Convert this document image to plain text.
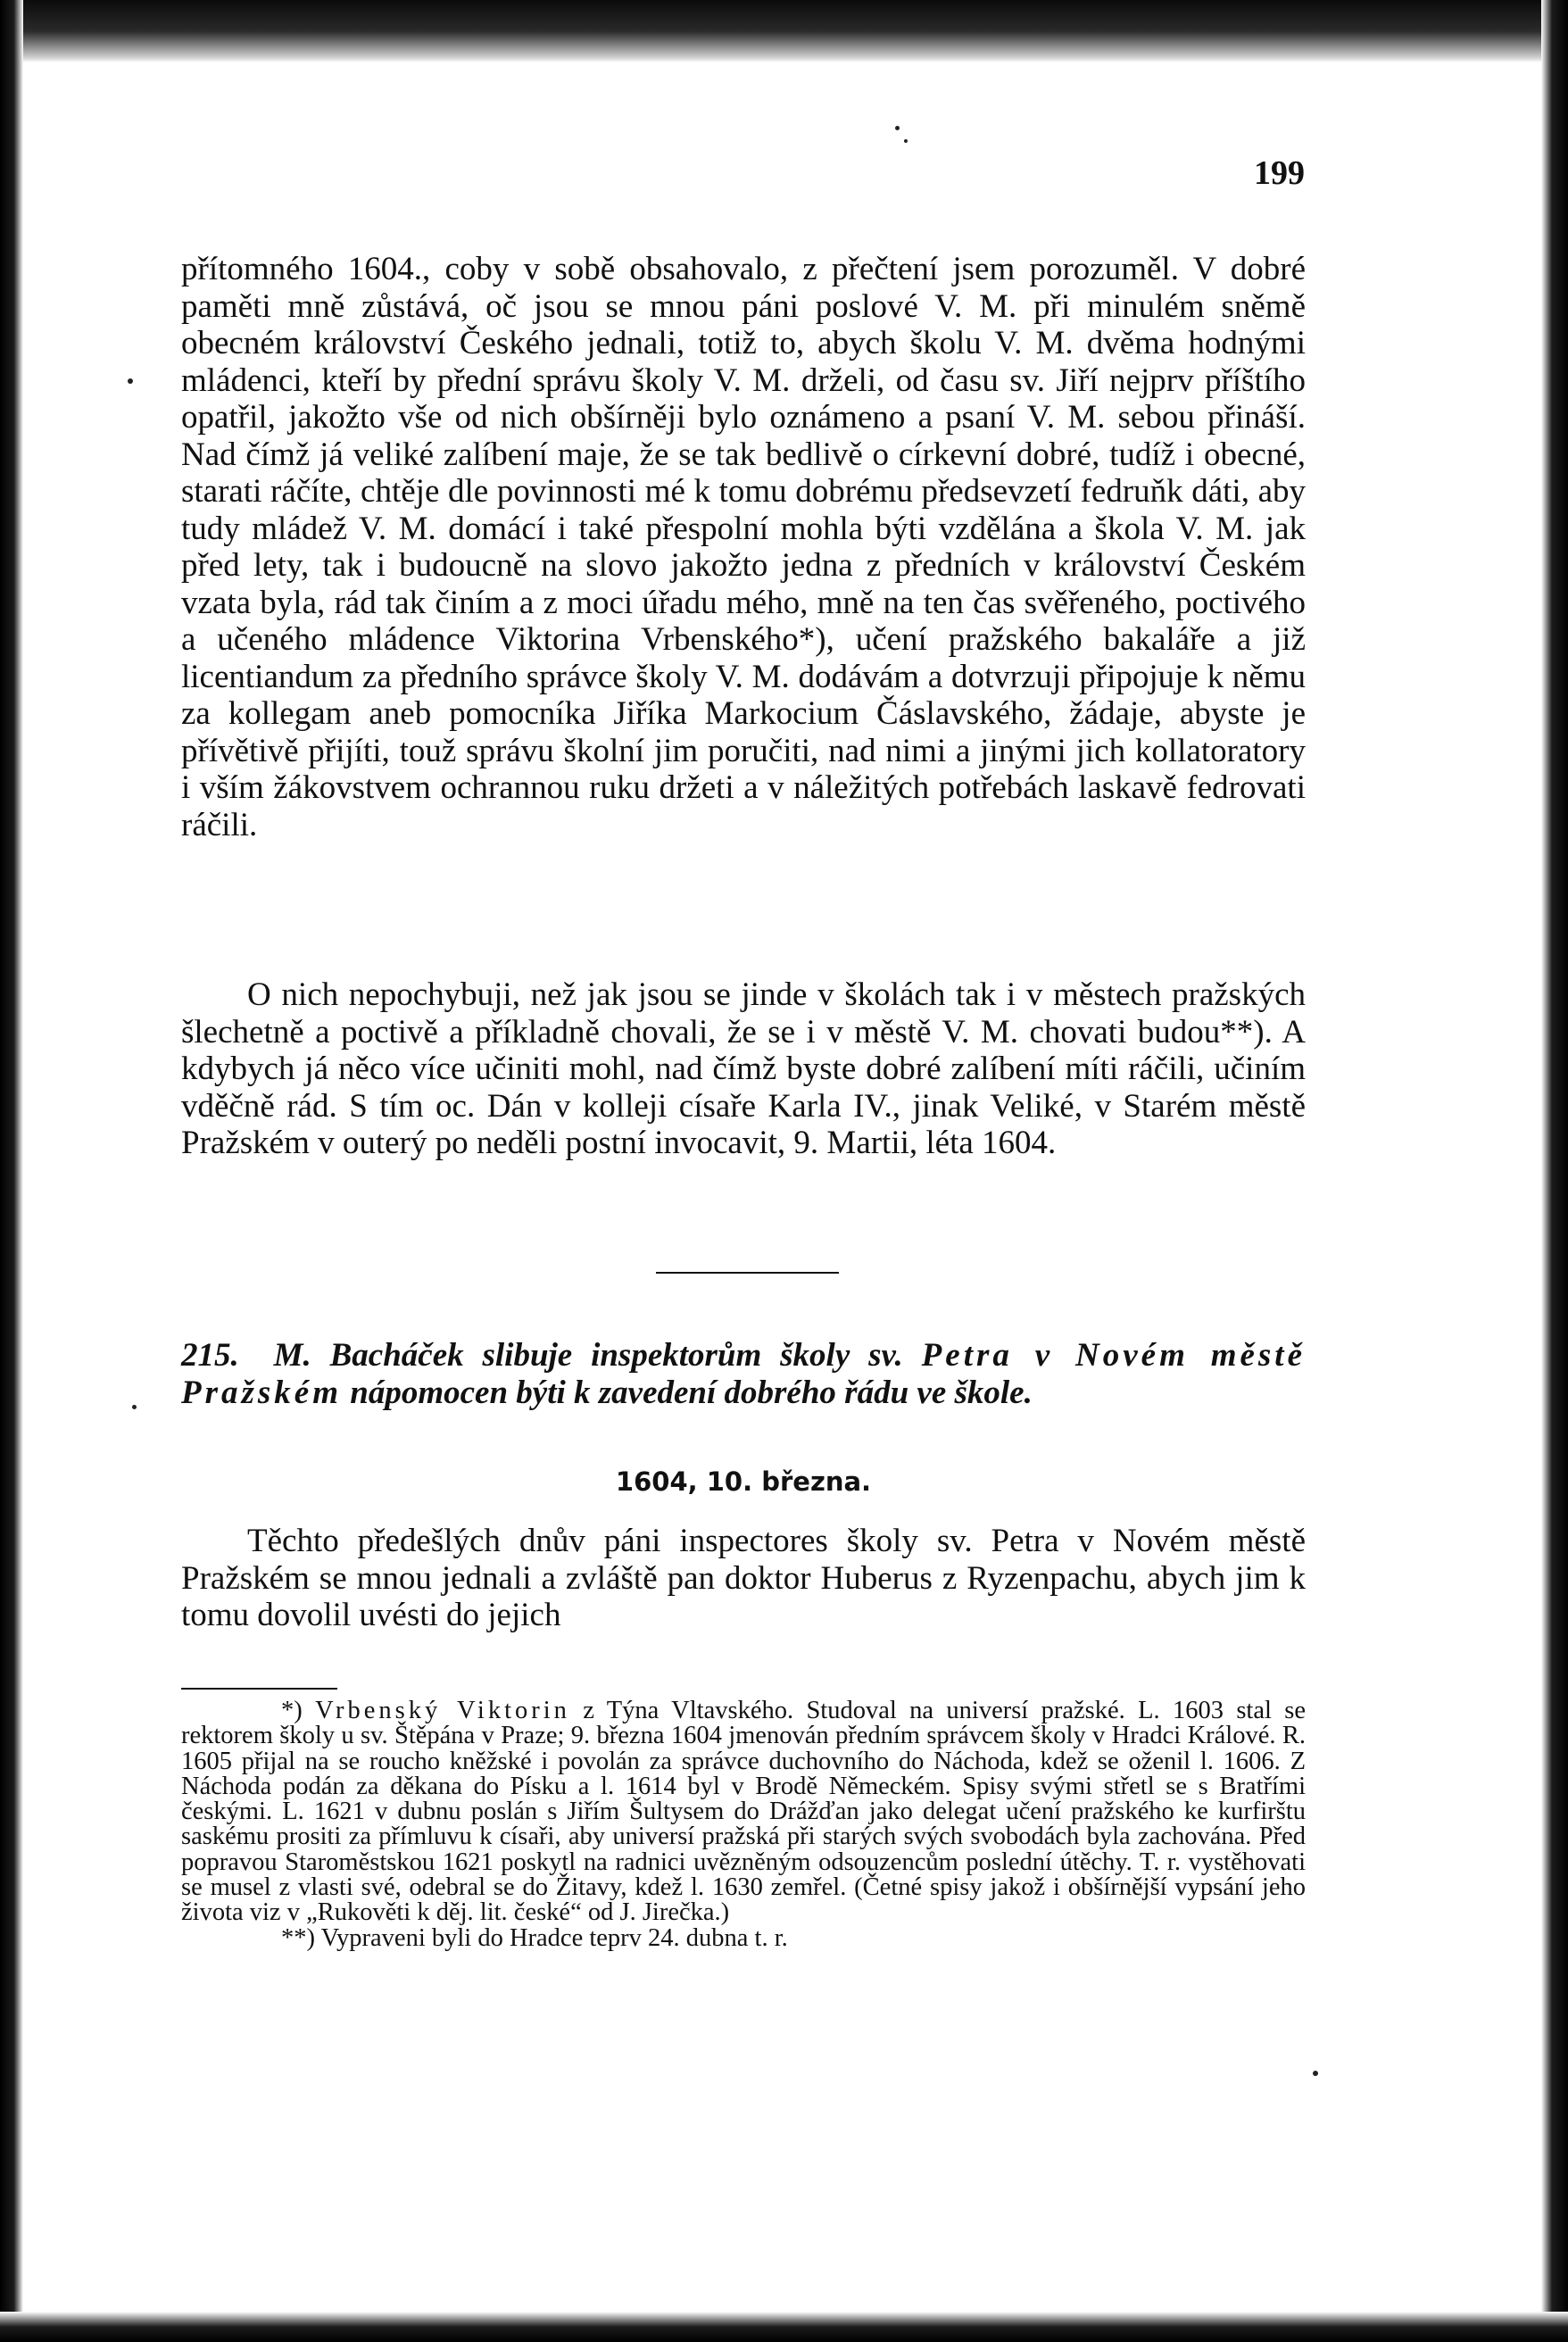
199

přítomného 1604., coby v sobě obsahovalo, z přečtení jsem porozuměl. V dobré paměti mně zůstává, oč jsou se mnou páni poslové V. M. při minulém sněmě obecném království Českého jednali, totiž to, abych školu V. M. dvěma hodnými mládenci, kteří by přední správu školy V. M. drželi, od času sv. Jiří nejprv příštího opatřil, jakožto vše od nich obšírněji bylo oznámeno a psaní V. M. sebou přináší. Nad čímž já veliké zalíbení maje, že se tak bedlivě o církevní dobré, tudíž i obecné, starati ráčíte, chtěje dle povinnosti mé k tomu dobrému předsevzetí fedruňk dáti, aby tudy mládež V. M. domácí i také přespolní mohla býti vzdělána a škola V. M. jak před lety, tak i budoucně na slovo jakožto jedna z předních v království Českém vzata byla, rád tak činím a z moci úřadu mého, mně na ten čas svěřeného, poctivého a učeného mládence Viktorina Vrbenského*), učení pražského bakaláře a již licentiandum za předního správce školy V. M. dodávám a dotvrzuji připojuje k němu za kollegam aneb pomocníka Jiříka Markocium Čáslavského, žádaje, abyste je přívětivě přijíti, touž správu školní jim poručiti, nad nimi a jinými jich kollatoratory i vším žákovstvem ochrannou ruku držeti a v náležitých potřebách laskavě fedrovati ráčili.

O nich nepochybuji, než jak jsou se jinde v školách tak i v městech pražských šlechetně a poctivě a příkladně chovali, že se i v městě V. M. chovati budou**). A kdybych já něco více učiniti mohl, nad čímž byste dobré zalíbení míti ráčili, učiním vděčně rád. S tím oc. Dán v kolleji císaře Karla IV., jinak Veliké, v Starém městě Pražském v outerý po neděli postní invocavit, 9. Martii, léta 1604.

215. M. Bacháček slibuje inspektorům školy sv. Petra v Novém městě Pražském nápomocen býti k zavedení dobrého řádu ve škole.

1604, 10. března.

Těchto předešlých dnův páni inspectores školy sv. Petra v Novém městě Pražském se mnou jednali a zvláště pan doktor Huberus z Ryzenpachu, abych jim k tomu dovolil uvésti do jejich

*) Vrbenský Viktorin z Týna Vltavského. Studoval na universí pražské. L. 1603 stal se rektorem školy u sv. Štěpána v Praze; 9. března 1604 jmenován předním správcem školy v Hradci Králové. R. 1605 přijal na se roucho kněžské i povolán za správce duchovního do Náchoda, kdež se oženil l. 1606. Z Náchoda podán za děkana do Písku a l. 1614 byl v Brodě Německém. Spisy svými střetl se s Bratřími českými. L. 1621 v dubnu poslán s Jiřím Šultysem do Drážďan jako delegat učení pražského ke kurfirštu saskému prositi za přímluvu k císaři, aby universí pražská při starých svých svobodách byla zachována. Před popravou Staroměstskou 1621 poskytl na radnici uvězněným odsouzencům poslední útěchy. T. r. vystěhovati se musel z vlasti své, odebral se do Žitavy, kdež l. 1630 zemřel. (Četné spisy jakož i obšírnější vypsání jeho života viz v „Rukověti k děj. lit. české“ od J. Jirečka.)

**) Vypraveni byli do Hradce teprv 24. dubna t. r.
